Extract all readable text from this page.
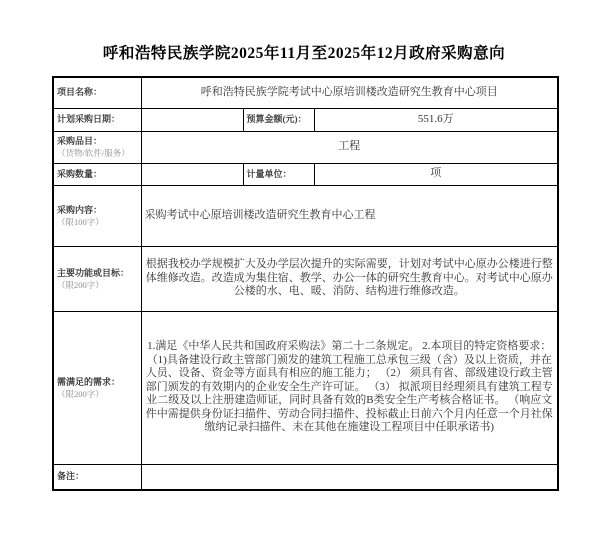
呼和浩特民族学院2025年11月至2025年12月政府采购意向
项目名称：	呼和浩特民族学院考试中心原培训楼改造研究生教育中心项目		
计划采购日期：		预算金额(元)：	551.6万
采购品目：
（货物/软件/服务）	工程		
采购数量：		计量单位：	项
采购内容：
（限100字）	采购考试中心原培训楼改造研究生教育中心工程		
主要功能或目标：
（限200字）	根据我校办学规模扩大及办学层次提升的实际需要，计划对考试中心原办公楼进行整体维修改造。改造成为集住宿、教学、办公一体的研究生教育中心。对考试中心原办公楼的水、电、暖、消防、结构进行维修改造。		
需满足的需求：
（限200字）	1.满足《中华人民共和国政府采购法》第二十二条规定。 2.本项目的特定资格要求：（1)具备建设行政主管部门颁发的建筑工程施工总承包三级（含）及以上资质，并在人员、设备、资金等方面具有相应的施工能力； （2） 须具有省、部级建设行政主管部门颁发的有效期内的企业安全生产许可证。 （3） 拟派项目经理须具有建筑工程专业二级及以上注册建造师证，同时具备有效的B类安全生产考核合格证书。 （响应文件中需提供身份证扫描件、劳动合同扫描件、投标截止日前六个月内任意一个月社保缴纳记录扫描件、未在其他在施建设工程项目中任职承诺书)		
备注：			
